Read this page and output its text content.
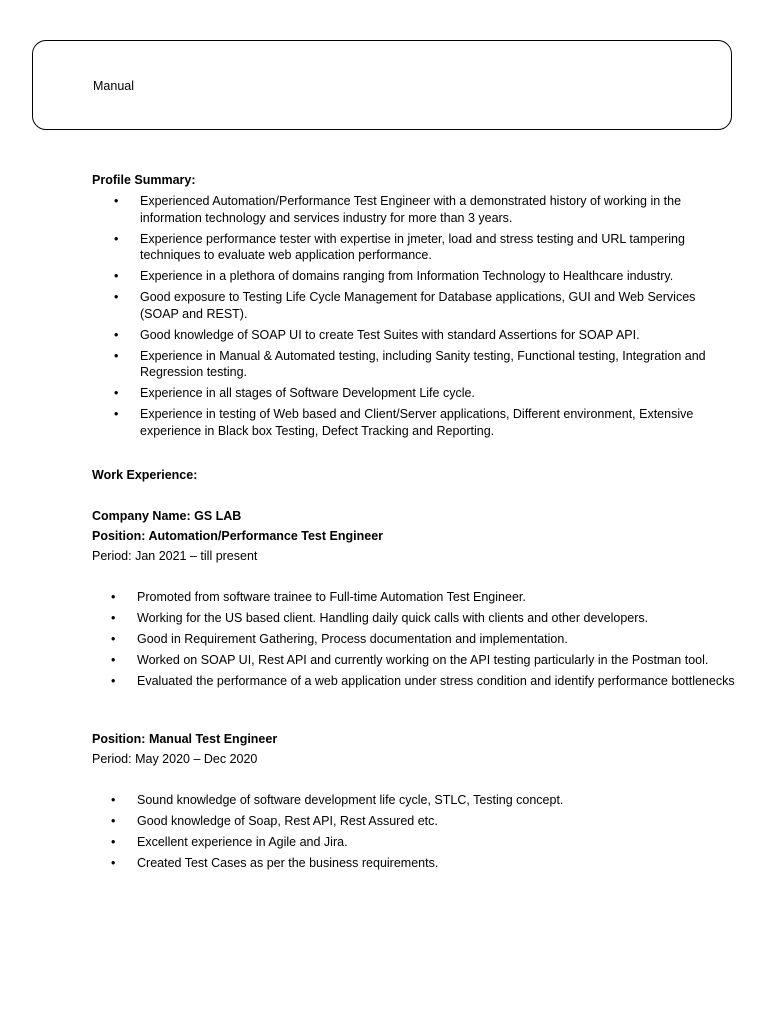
Manual
Profile Summary:
• Experienced Automation/Performance Test Engineer with a demonstrated history of working in the information technology and services industry for more than 3 years.
• Experience performance tester with expertise in jmeter, load and stress testing and URL tampering techniques to evaluate web application performance.
• Experience in a plethora of domains ranging from Information Technology to Healthcare industry.
• Good exposure to Testing Life Cycle Management for Database applications, GUI and Web Services (SOAP and REST).
• Good knowledge of SOAP UI to create Test Suites with standard Assertions for SOAP API.
• Experience in Manual & Automated testing, including Sanity testing, Functional testing, Integration and Regression testing.
• Experience in all stages of Software Development Life cycle.
• Experience in testing of Web based and Client/Server applications, Different environment, Extensive experience in Black box Testing, Defect Tracking and Reporting.
Work Experience:
Company Name: GS LAB
Position: Automation/Performance Test Engineer
Period: Jan 2021 – till present
• Promoted from software trainee to Full-time Automation Test Engineer.
• Working for the US based client. Handling daily quick calls with clients and other developers.
• Good in Requirement Gathering, Process documentation and implementation.
• Worked on SOAP UI, Rest API and currently working on the API testing particularly in the Postman tool.
• Evaluated the performance of a web application under stress condition and identify performance bottlenecks
Position: Manual Test Engineer
Period: May 2020 – Dec 2020
• Sound knowledge of software development life cycle, STLC, Testing concept.
• Good knowledge of Soap, Rest API, Rest Assured etc.
• Excellent experience in Agile and Jira.
• Created Test Cases as per the business requirements.
